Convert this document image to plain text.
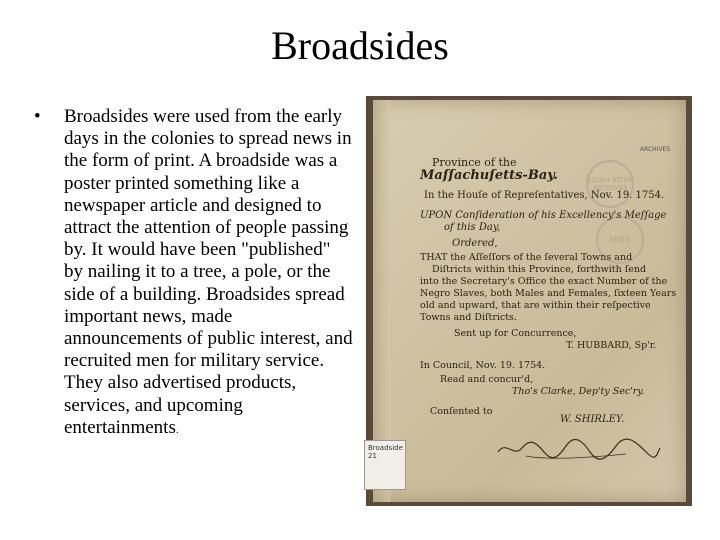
Broadsides
• Broadsides were used from the early days in the colonies to spread news in the form of print. A broadside was a poster printed something like a newspaper article and designed to attract the attention of people passing by. It would have been "published" by nailing it to a tree, a pole, or the side of a building. Broadsides spread important news, made announcements of public interest, and recruited men for military service. They also advertised products, services, and upcoming entertainments.
ARCHIVES
LEGISLATIVE ARCHIVES
STATE
Province of the
Maſſachuſetts-Bay.
In the Houſe of Repreſentatives, Nov. 19. 1754.
UPON Conſideration of his Excellency's Meſſage
of this Day,
Ordered,
THAT the Aſſeſſors of the ſeveral Towns and
Diſtricts within this Province, forthwith ſend
into the Secretary's Office the exact Number of the
Negro Slaves, both Males and Females, ſixteen Years
old and upward, that are within their reſpective
Towns and Diſtricts.
Sent up for Concurrence,
T. HUBBARD, Sp'r.
In Council, Nov. 19. 1754.
Read and concur'd,
Tho's Clarke, Dep'ty Sec'ry.
Conſented to
W. SHIRLEY.
Broadside
21
